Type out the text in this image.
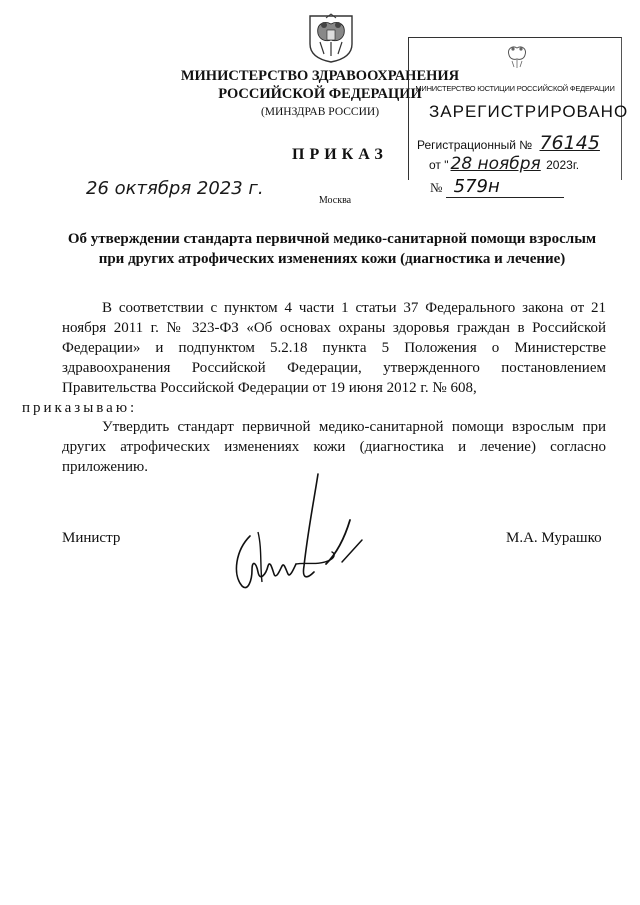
МИНИСТЕРСТВО ЗДРАВООХРАНЕНИЯ
РОССИЙСКОЙ ФЕДЕРАЦИИ
(МИНЗДРАВ РОССИИ)
МИНИСТЕРСТВО ЮСТИЦИИ РОССИЙСКОЙ ФЕДЕРАЦИИ
ЗАРЕГИСТРИРОВАНО
Регистрационный № 76145
от " 28 ноября 2023г.
ПРИКАЗ
26 октября 2023 г.	№ 579н
Москва
Об утверждении стандарта первичной медико-санитарной помощи взрослым
при других атрофических изменениях кожи (диагностика и лечение)
В соответствии с пунктом 4 части 1 статьи 37 Федерального закона от 21 ноября 2011 г. № 323-ФЗ «Об основах охраны здоровья граждан в Российской Федерации» и подпунктом 5.2.18 пункта 5 Положения о Министерстве здравоохранения Российской Федерации, утвержденного постановлением Правительства Российской Федерации от 19 июня 2012 г. № 608,
приказываю:
Утвердить стандарт первичной медико-санитарной помощи взрослым при других атрофических изменениях кожи (диагностика и лечение) согласно приложению.
Министр	М.А. Мурашко
